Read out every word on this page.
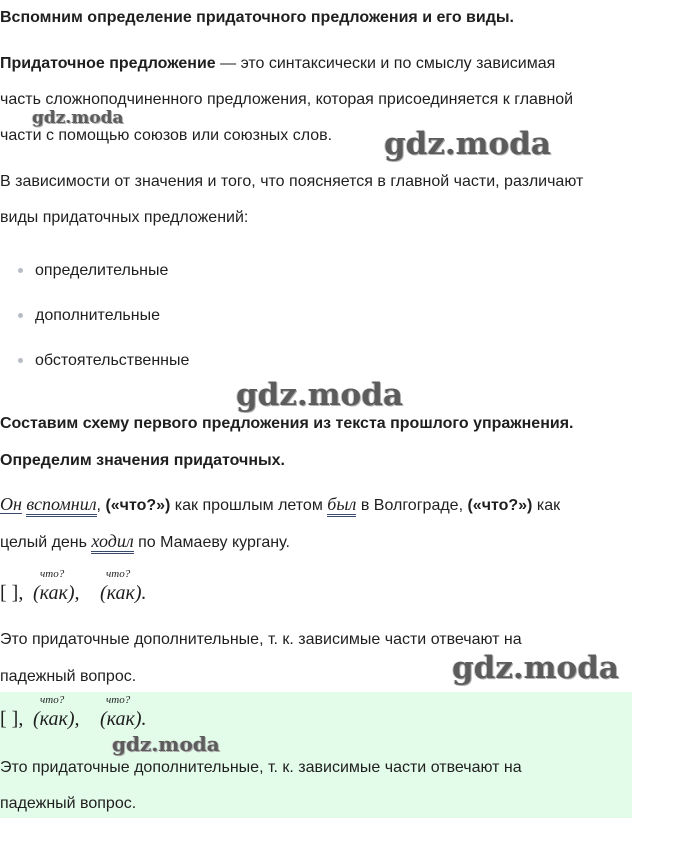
Вспомним определение придаточного предложения и его виды.
Придаточное предложение — это синтаксически и по смыслу зависимая
часть сложноподчиненного предложения, которая присоединяется к главной
части с помощью союзов или союзных слов.
В зависимости от значения и того, что поясняется в главной части, различают
виды придаточных предложений:
определительные
дополнительные
обстоятельственные
Составим схему первого предложения из текста прошлого упражнения.
Определим значения придаточных.
Он вспомнил, («что?») как прошлым летом был в Волгограде, («что?») как
целый день ходил по Мамаеву кургану.
[ ],
что?
(как),
что?
(как).
Это придаточные дополнительные, т. к. зависимые части отвечают на
падежный вопрос.
[ ],
что?
(как),
что?
(как).
Это придаточные дополнительные, т. к. зависимые части отвечают на
падежный вопрос.
gdz.moda
gdz.moda
gdz.moda
gdz.moda
gdz.moda
